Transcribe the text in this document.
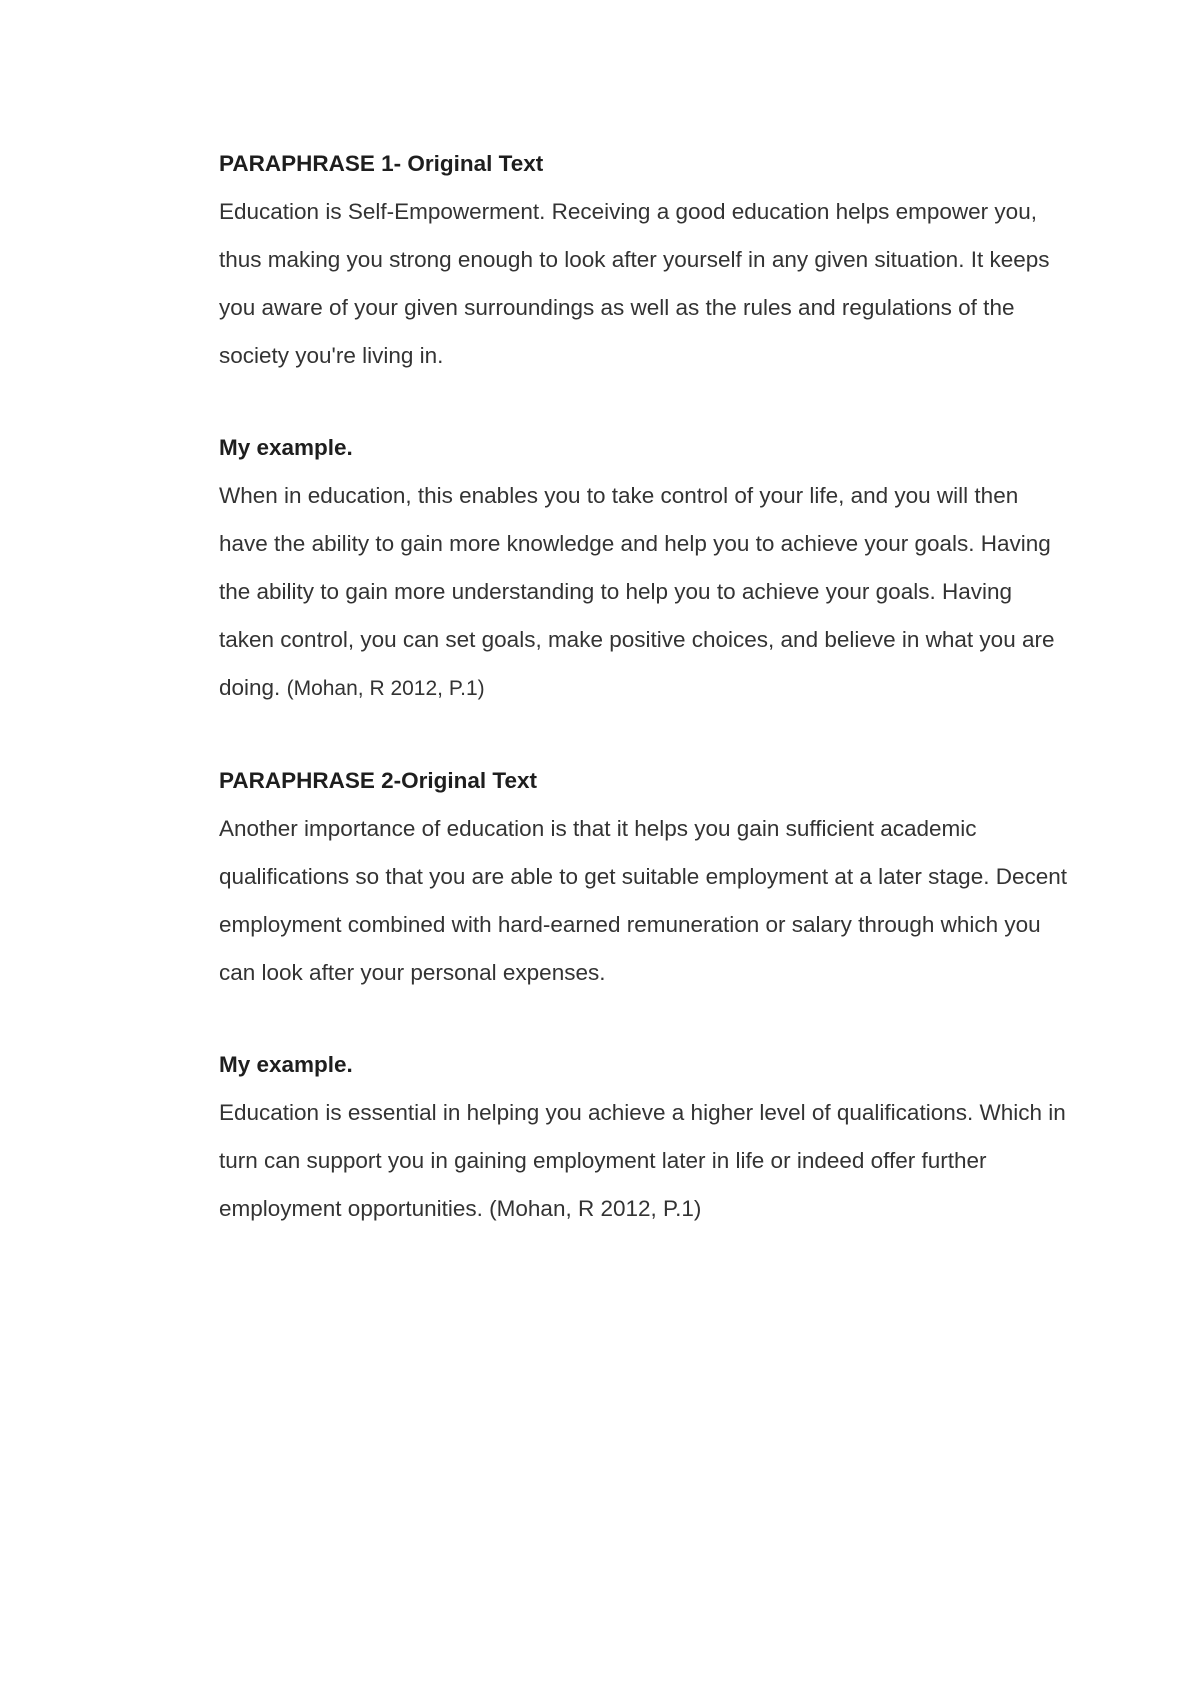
PARAPHRASE 1- Original Text

Education is Self-Empowerment. Receiving a good education helps empower you, thus making you strong enough to look after yourself in any given situation. It keeps you aware of your given surroundings as well as the rules and regulations of the society you're living in.

My example.

When in education, this enables you to take control of your life, and you will then have the ability to gain more knowledge and help you to achieve your goals. Having the ability to gain more understanding to help you to achieve your goals. Having taken control, you can set goals, make positive choices, and believe in what you are doing. (Mohan, R 2012, P.1)

PARAPHRASE 2-Original Text

Another importance of education is that it helps you gain sufficient academic qualifications so that you are able to get suitable employment at a later stage. Decent employment combined with hard-earned remuneration or salary through which you can look after your personal expenses.

My example.

Education is essential in helping you achieve a higher level of qualifications. Which in turn can support you in gaining employment later in life or indeed offer further employment opportunities. (Mohan, R 2012, P.1)
